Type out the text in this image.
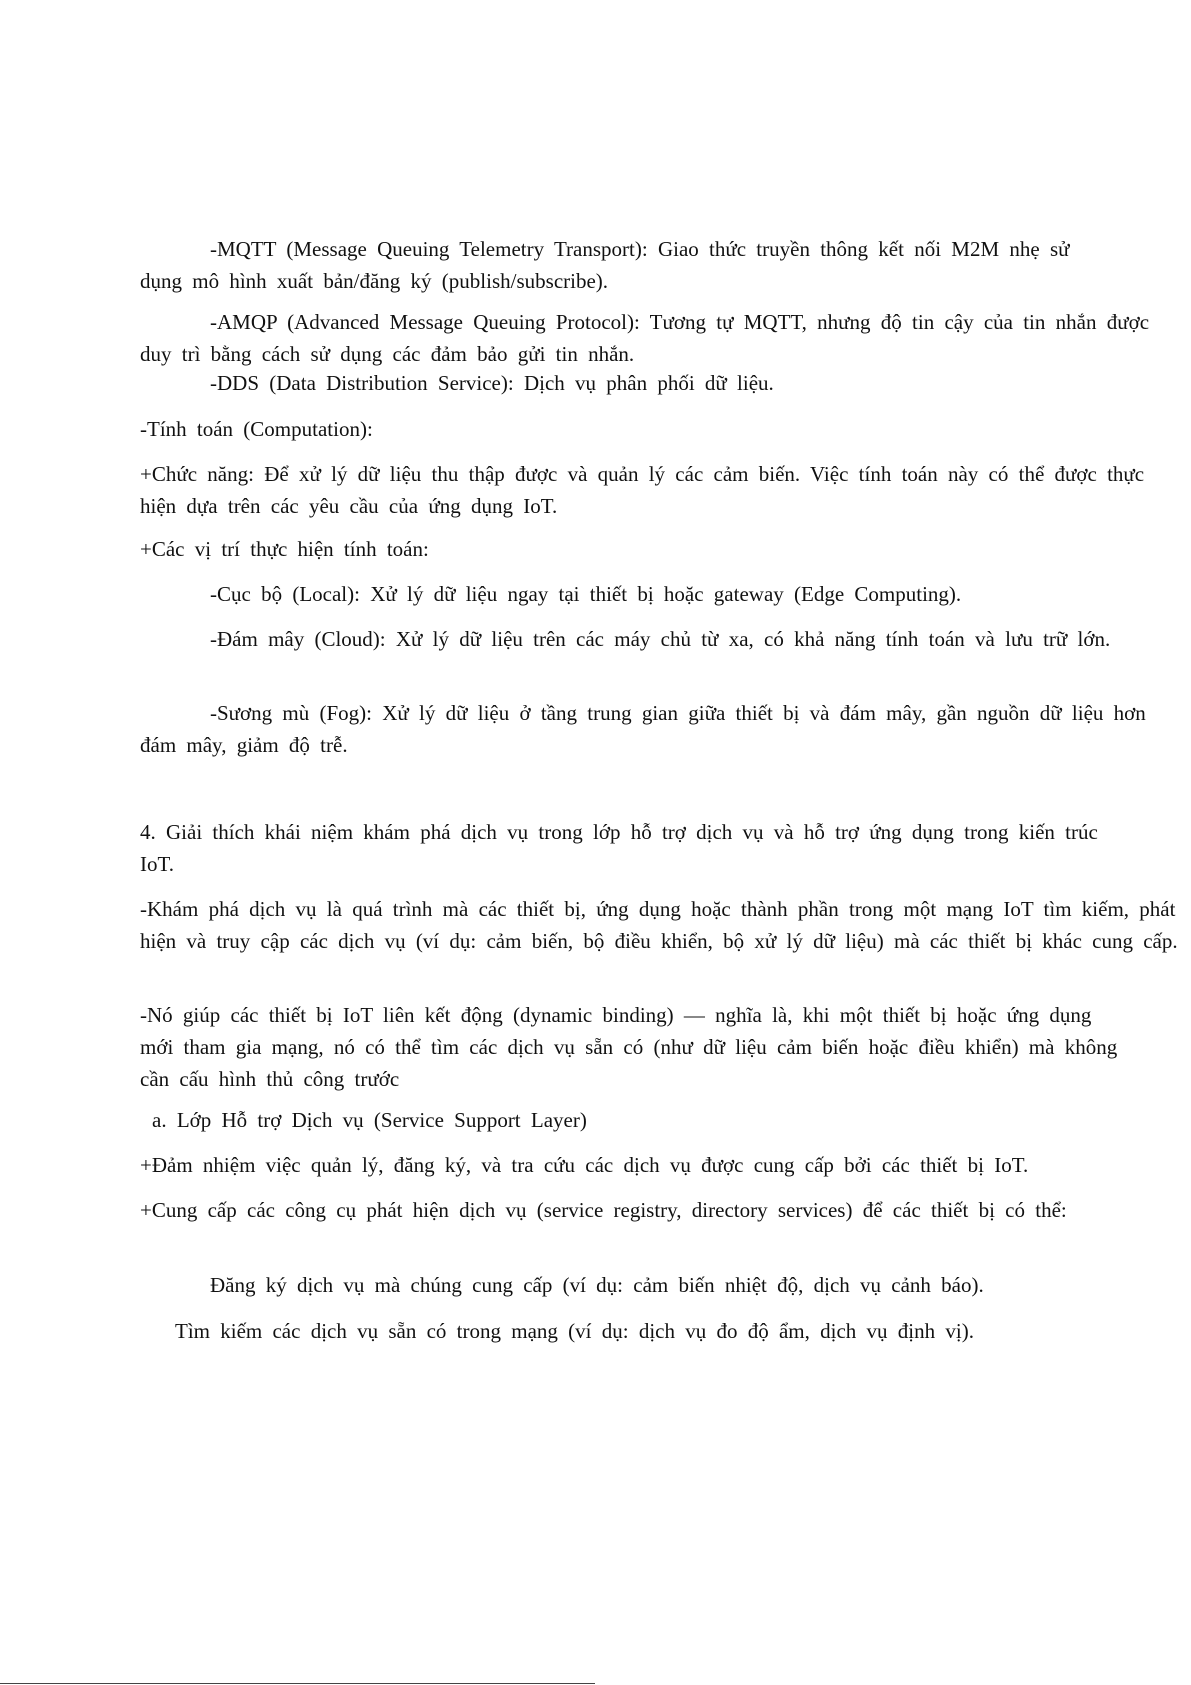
-MQTT (Message Queuing Telemetry Transport): Giao thức truyền thông kết nối M2M nhẹ sử dụng mô hình xuất bản/đăng ký (publish/subscribe).

-AMQP (Advanced Message Queuing Protocol): Tương tự MQTT, nhưng độ tin cậy của tin nhắn được duy trì bằng cách sử dụng các đảm bảo gửi tin nhắn.

-DDS (Data Distribution Service): Dịch vụ phân phối dữ liệu.

-Tính toán (Computation):

+Chức năng: Để xử lý dữ liệu thu thập được và quản lý các cảm biến. Việc tính toán này có thể được thực hiện dựa trên các yêu cầu của ứng dụng IoT.

+Các vị trí thực hiện tính toán:

-Cục bộ (Local): Xử lý dữ liệu ngay tại thiết bị hoặc gateway (Edge Computing).

-Đám mây (Cloud): Xử lý dữ liệu trên các máy chủ từ xa, có khả năng tính toán và lưu trữ lớn.

-Sương mù (Fog): Xử lý dữ liệu ở tầng trung gian giữa thiết bị và đám mây, gần nguồn dữ liệu hơn đám mây, giảm độ trễ.

4. Giải thích khái niệm khám phá dịch vụ trong lớp hỗ trợ dịch vụ và hỗ trợ ứng dụng trong kiến trúc IoT.

-Khám phá dịch vụ là quá trình mà các thiết bị, ứng dụng hoặc thành phần trong một mạng IoT tìm kiếm, phát hiện và truy cập các dịch vụ (ví dụ: cảm biến, bộ điều khiển, bộ xử lý dữ liệu) mà các thiết bị khác cung cấp.

-Nó giúp các thiết bị IoT liên kết động (dynamic binding) — nghĩa là, khi một thiết bị hoặc ứng dụng mới tham gia mạng, nó có thể tìm các dịch vụ sẵn có (như dữ liệu cảm biến hoặc điều khiển) mà không cần cấu hình thủ công trước

a. Lớp Hỗ trợ Dịch vụ (Service Support Layer)

+Đảm nhiệm việc quản lý, đăng ký, và tra cứu các dịch vụ được cung cấp bởi các thiết bị IoT.

+Cung cấp các công cụ phát hiện dịch vụ (service registry, directory services) để các thiết bị có thể:

Đăng ký dịch vụ mà chúng cung cấp (ví dụ: cảm biến nhiệt độ, dịch vụ cảnh báo).

Tìm kiếm các dịch vụ sẵn có trong mạng (ví dụ: dịch vụ đo độ ẩm, dịch vụ định vị).
